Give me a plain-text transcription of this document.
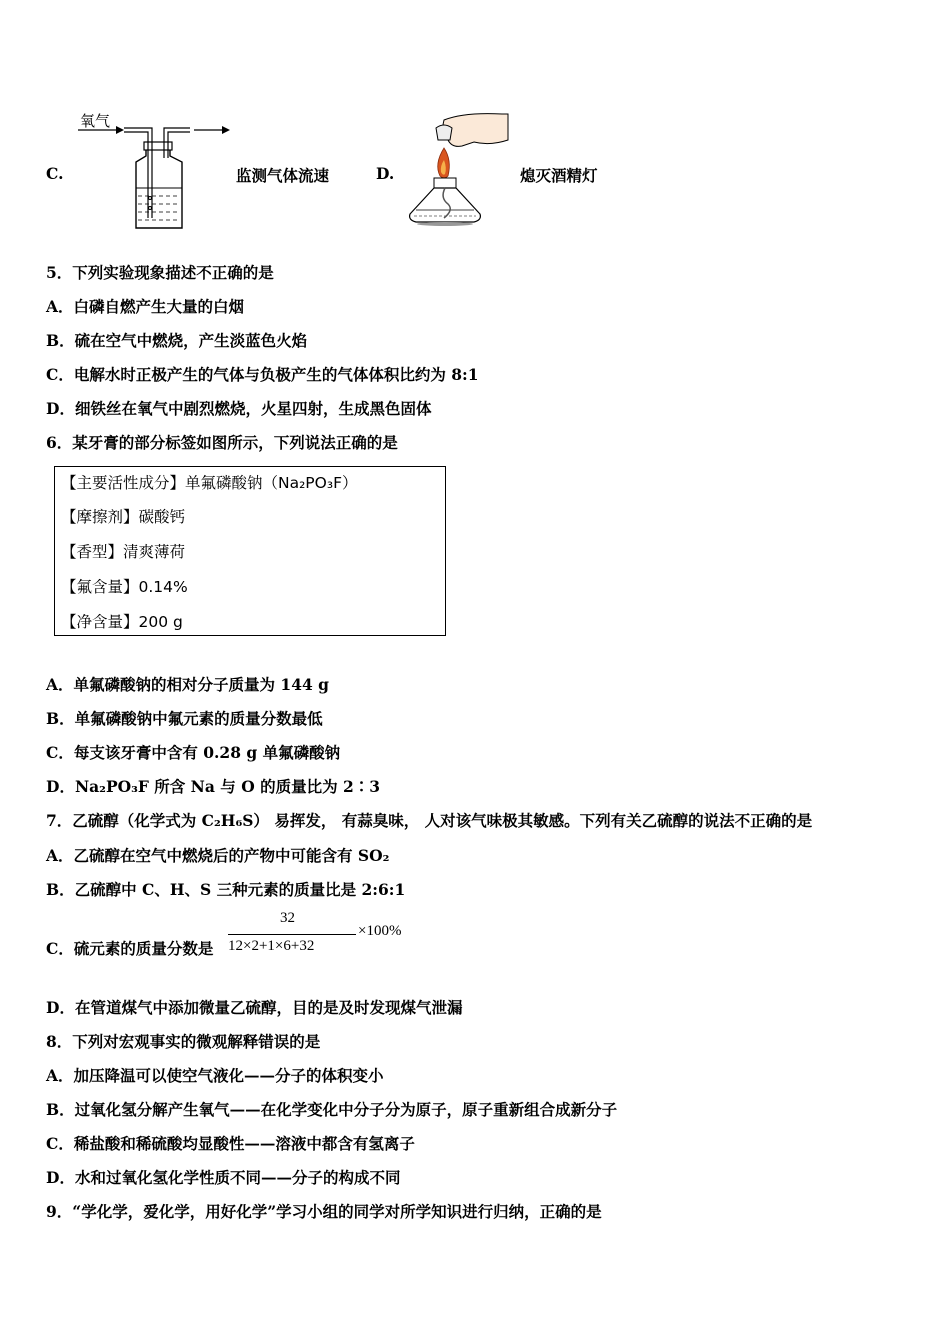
C.
氧气
监测气体流速	D.	熄灭酒精灯
5．下列实验现象描述不正确的是
A．白磷自燃产生大量的白烟
B．硫在空气中燃烧，产生淡蓝色火焰
C．电解水时正极产生的气体与负极产生的气体体积比约为 8:1
D．细铁丝在氧气中剧烈燃烧，火星四射，生成黑色固体
6．某牙膏的部分标签如图所示，下列说法正确的是
【主要活性成分】单氟磷酸钠（Na₂PO₃F）
【摩擦剂】碳酸钙
【香型】清爽薄荷
【氟含量】0.14%
【净含量】200 g
A．单氟磷酸钠的相对分子质量为 144 g
B．单氟磷酸钠中氟元素的质量分数最低
C．每支该牙膏中含有 0.28 g 单氟磷酸钠
D．Na₂PO₃F 所含 Na 与 O 的质量比为 2∶3
7．乙硫醇（化学式为 C₂H₆S） 易挥发， 有蒜臭味， 人对该气味极其敏感。下列有关乙硫醇的说法不正确的是
A．乙硫醇在空气中燃烧后的产物中可能含有 SO₂
B．乙硫醇中 C、H、S 三种元素的质量比是 2:6:1
C．硫元素的质量分数是
32
12×2+1×6+32
×100%
D．在管道煤气中添加微量乙硫醇，目的是及时发现煤气泄漏
8．下列对宏观事实的微观解释错误的是
A．加压降温可以使空气液化——分子的体积变小
B．过氧化氢分解产生氧气——在化学变化中分子分为原子，原子重新组合成新分子
C．稀盐酸和稀硫酸均显酸性——溶液中都含有氢离子
D．水和过氧化氢化学性质不同——分子的构成不同
9．“学化学，爱化学，用好化学”学习小组的同学对所学知识进行归纳，正确的是
